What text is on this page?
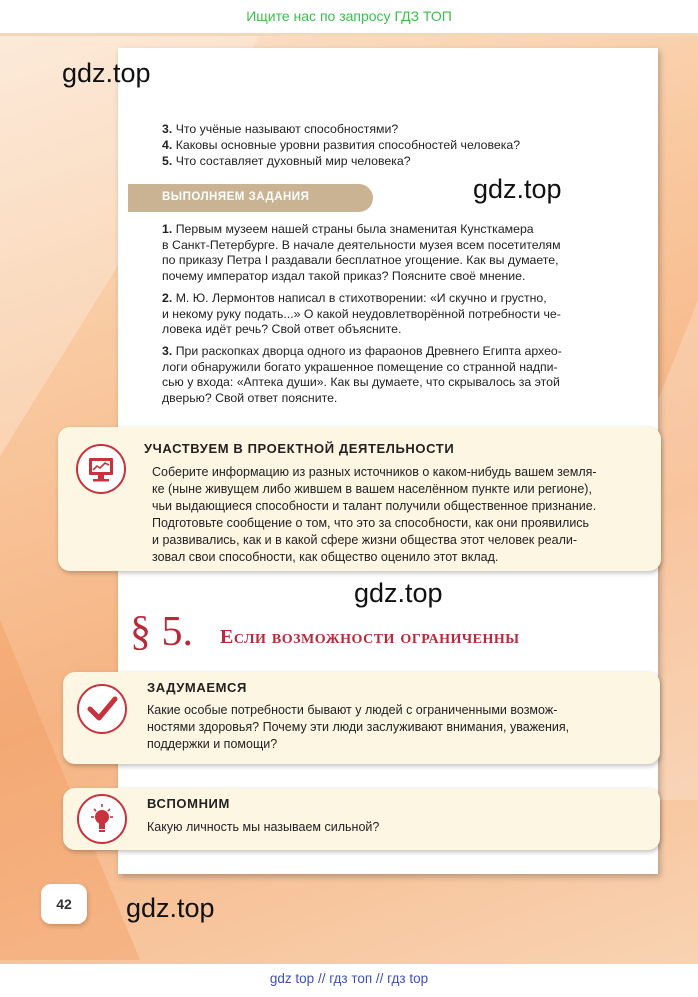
Ищите нас по запросу ГДЗ ТОП
gdz.top
3. Что учёные называют способностями?
4. Каковы основные уровни развития способностей человека?
5. Что составляет духовный мир человека?
ВЫПОЛНЯЕМ ЗАДАНИЯ	gdz.top
1. Первым музеем нашей страны была знаменитая Кунсткамера
в Санкт-Петербурге. В начале деятельности музея всем посетителям
по приказу Петра I раздавали бесплатное угощение. Как вы думаете,
почему император издал такой приказ? Поясните своё мнение.
2. М. Ю. Лермонтов написал в стихотворении: «И скучно и грустно,
и некому руку подать...» О какой неудовлетворённой потребности че-
ловека идёт речь? Свой ответ объясните.
3. При раскопках дворца одного из фараонов Древнего Египта археo-
логи обнаружили богато украшенное помещение со странной надпи-
сью у входа: «Аптека души». Как вы думаете, что скрывалось за этой
дверью? Свой ответ поясните.
УЧАСТВУЕМ В ПРОЕКТНОЙ ДЕЯТЕЛЬНОСТИ
Соберите информацию из разных источников о каком-нибудь вашем земля-
ке (ныне живущем либо жившем в вашем населённом пункте или регионе),
чьи выдающиеся способности и талант получили общественное признание.
Подготовьте сообщение о том, что это за способности, как они проявились
и развивались, как и в какой сфере жизни общества этот человек реали-
зовал свои способности, как общество оценило этот вклад.
gdz.top
§ 5. Если возможности ограниченны
ЗАДУМАЕМСЯ
Какие особые потребности бывают у людей с ограниченными возмож-
ностями здоровья? Почему эти люди заслуживают внимания, уважения,
поддержки и помощи?
ВСПОМНИМ
Какую личность мы называем сильной?
42	gdz.top
gdz top // гдз топ // гдз top
